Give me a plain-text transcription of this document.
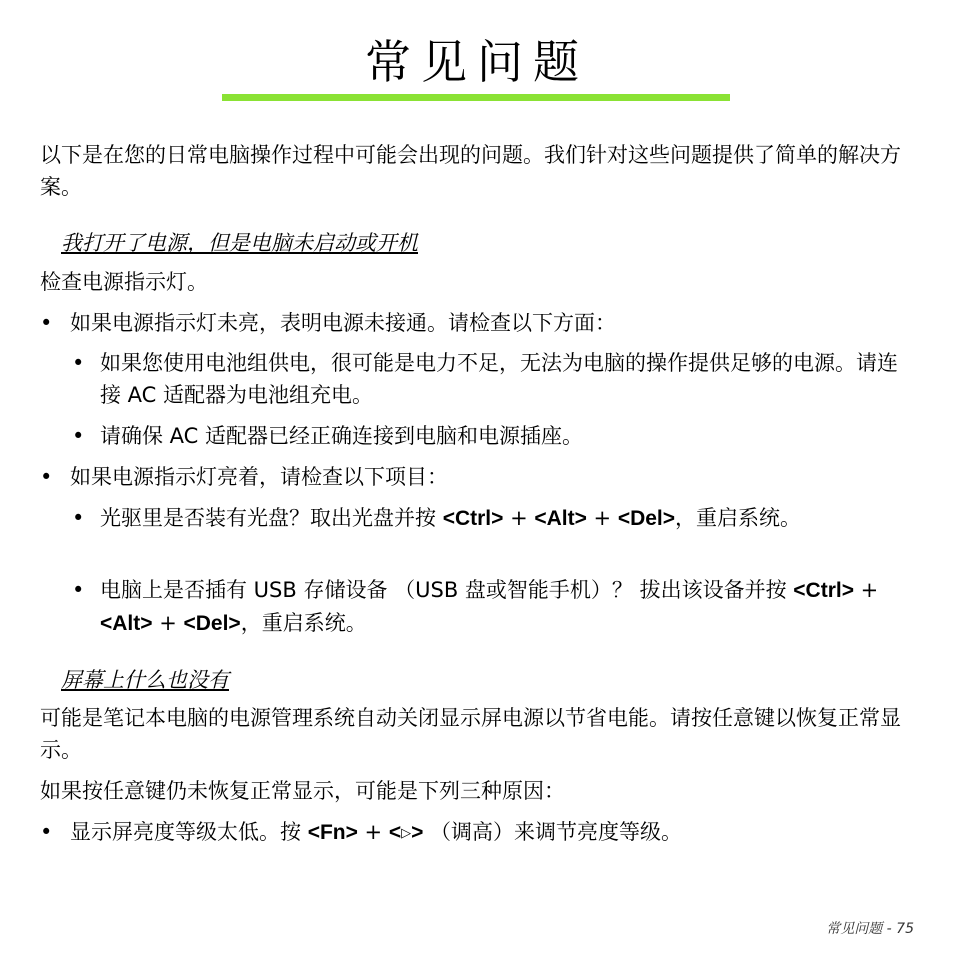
常见问题

以下是在您的日常电脑操作过程中可能会出现的问题。我们针对这些问题提供了简单的解决方案。

我打开了电源，但是电脑未启动或开机

检查电源指示灯。

• 如果电源指示灯未亮，表明电源未接通。请检查以下方面：

• 如果您使用电池组供电，很可能是电力不足，无法为电脑的操作提供足够的电源。请连接 AC 适配器为电池组充电。

• 请确保 AC 适配器已经正确连接到电脑和电源插座。

• 如果电源指示灯亮着，请检查以下项目：

• 光驱里是否装有光盘？取出光盘并按 <Ctrl> + <Alt> + <Del>，重启系统。

• 电脑上是否插有 USB 存储设备 （USB 盘或智能手机）？ 拔出该设备并按 <Ctrl> + <Alt> + <Del>，重启系统。

屏幕上什么也没有

可能是笔记本电脑的电源管理系统自动关闭显示屏电源以节省电能。请按任意键以恢复正常显示。

如果按任意键仍未恢复正常显示，可能是下列三种原因：

• 显示屏亮度等级太低。按 <Fn> + <▷> （调高）来调节亮度等级。

常见问题 - 75
